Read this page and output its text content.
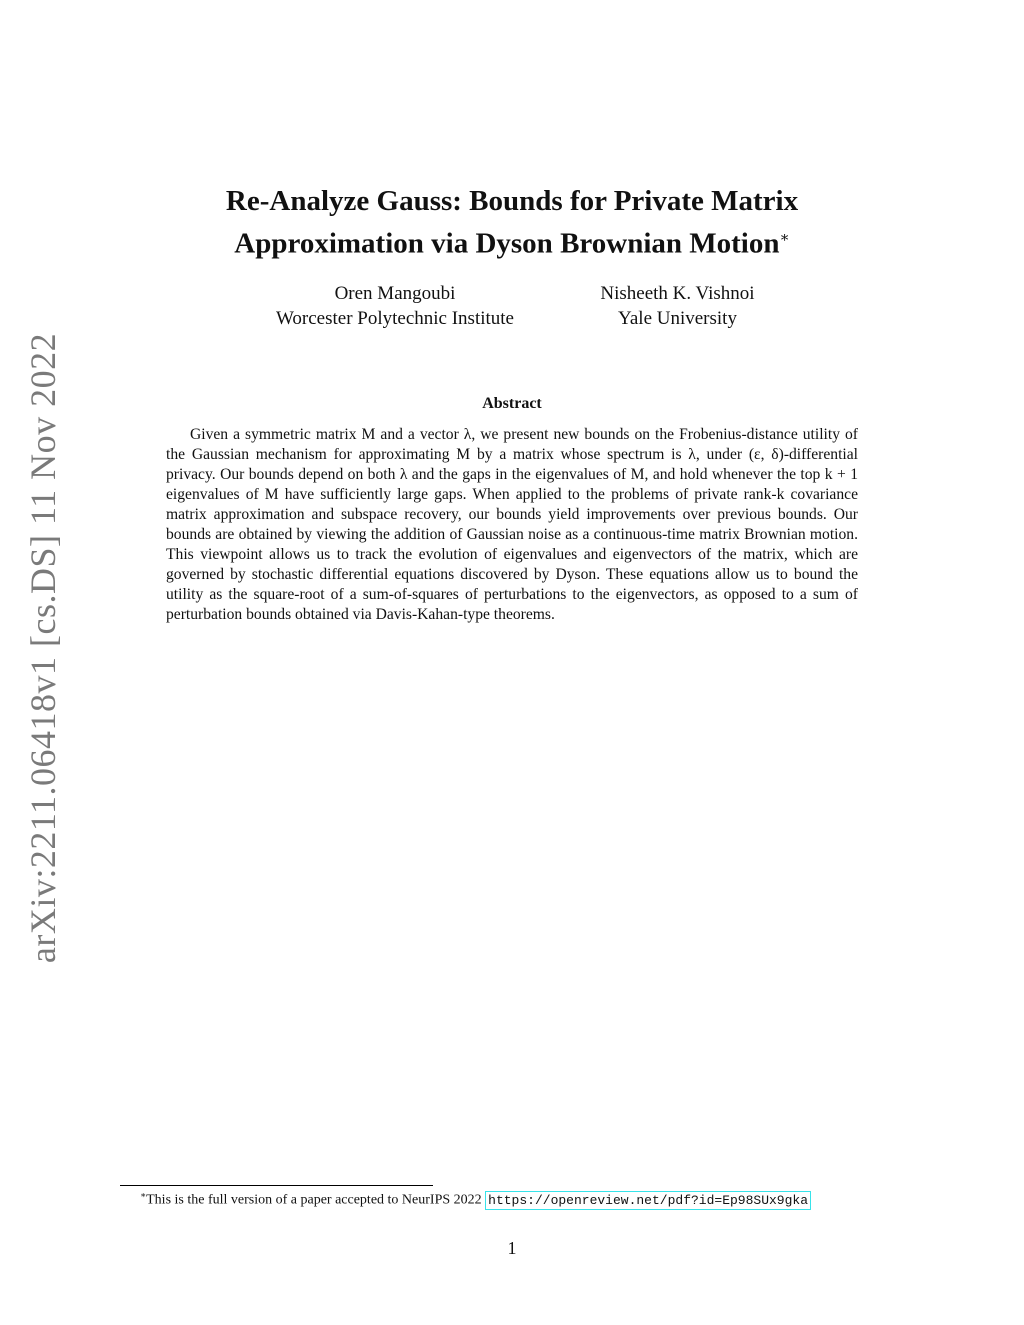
arXiv:2211.06418v1 [cs.DS] 11 Nov 2022
Re-Analyze Gauss: Bounds for Private Matrix
Approximation via Dyson Brownian Motion∗
Oren Mangoubi
Worcester Polytechnic Institute
Nisheeth K. Vishnoi
Yale University
Abstract

Given a symmetric matrix M and a vector λ, we present new bounds on the Frobenius-distance utility of the Gaussian mechanism for approximating M by a matrix whose spectrum is λ, under (ε, δ)-differential privacy. Our bounds depend on both λ and the gaps in the eigenvalues of M, and hold whenever the top k + 1 eigenvalues of M have sufficiently large gaps. When applied to the problems of private rank-k covariance matrix approximation and subspace recovery, our bounds yield improvements over previous bounds. Our bounds are obtained by viewing the addition of Gaussian noise as a continuous-time matrix Brownian motion. This viewpoint allows us to track the evolution of eigenvalues and eigenvectors of the matrix, which are governed by stochastic differential equations discovered by Dyson. These equations allow us to bound the utility as the square-root of a sum-of-squares of perturbations to the eigenvectors, as opposed to a sum of perturbation bounds obtained via Davis-Kahan-type theorems.

∗This is the full version of a paper accepted to NeurIPS 2022 https://openreview.net/pdf?id=Ep98SUx9gka
1
